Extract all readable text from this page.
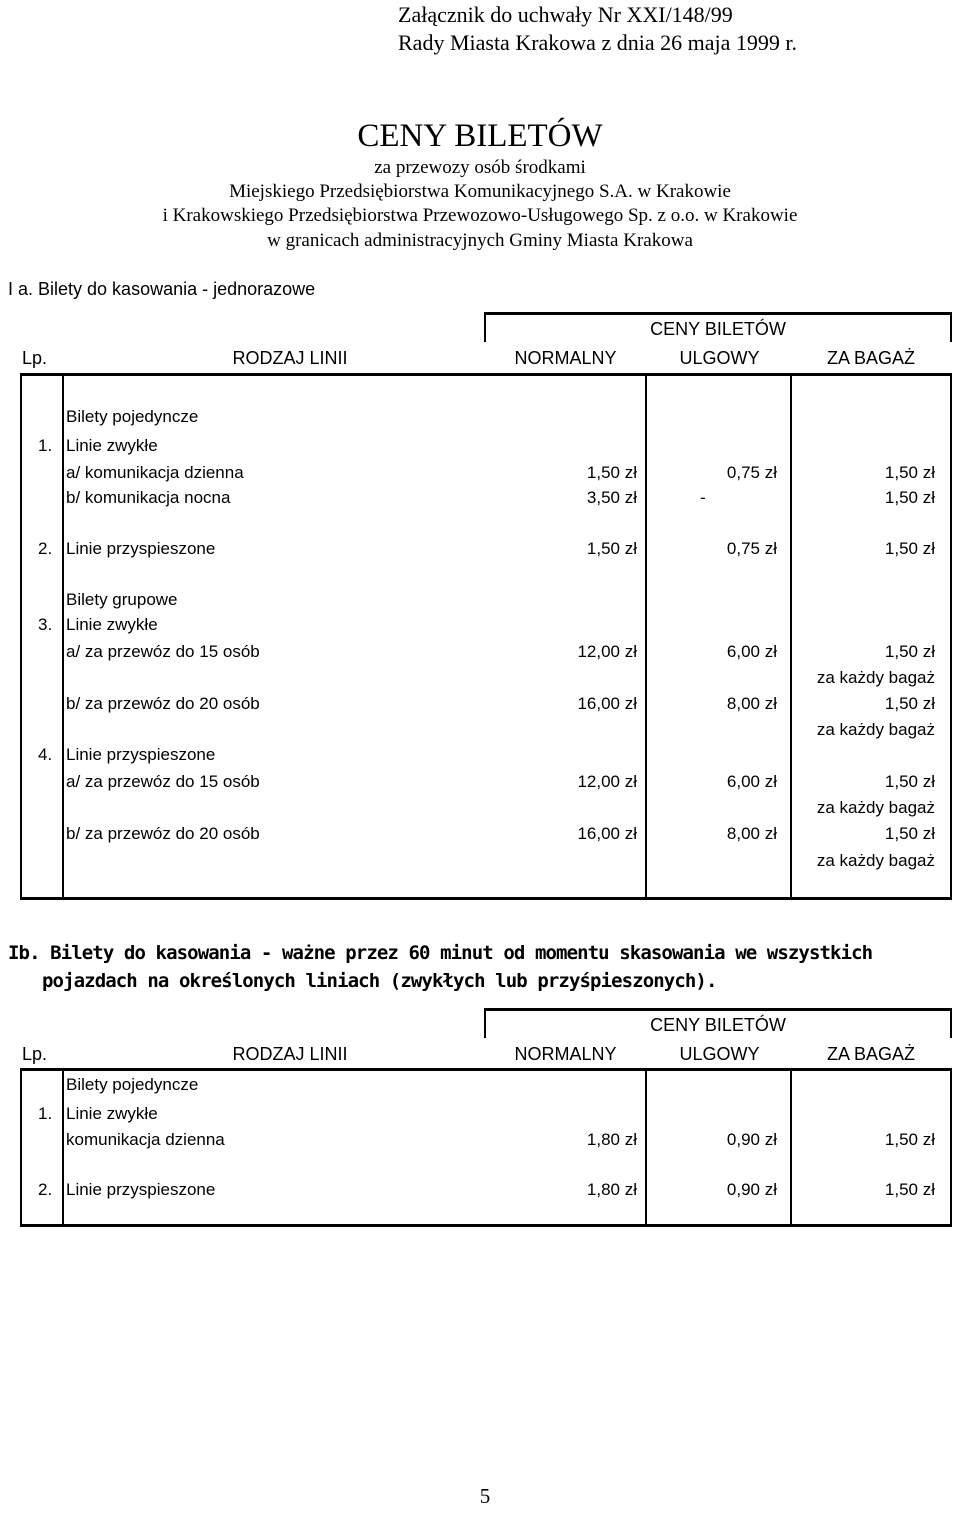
Załącznik do uchwały Nr XXI/148/99
Rady Miasta Krakowa z dnia 26 maja 1999 r.
CENY BILETÓW
za przewozy osób środkami
Miejskiego Przedsiębiorstwa Komunikacyjnego S.A. w Krakowie
i Krakowskiego Przedsiębiorstwa Przewozowo-Usługowego Sp. z o.o. w Krakowie
w granicach administracyjnych Gminy Miasta Krakowa
I a. Bilety do kasowania - jednorazowe
CENY BILETÓW
Lp.	RODZAJ LINII	NORMALNY	ULGOWY	ZA BAGAŻ
Bilety pojedyncze
1. Linie zwykłe
a/ komunikacja dzienna	1,50 zł	0,75 zł	1,50 zł
b/ komunikacja nocna	3,50 zł	-	1,50 zł
2. Linie przyspieszone	1,50 zł	0,75 zł	1,50 zł
Bilety grupowe
3. Linie zwykłe
a/ za przewóz do 15 osób	12,00 zł	6,00 zł	1,50 zł
za każdy bagaż
b/ za przewóz do 20 osób	16,00 zł	8,00 zł	1,50 zł
za każdy bagaż
4. Linie przyspieszone
a/ za przewóz do 15 osób	12,00 zł	6,00 zł	1,50 zł
za każdy bagaż
b/ za przewóz do 20 osób	16,00 zł	8,00 zł	1,50 zł
za każdy bagaż
Ib. Bilety do kasowania - ważne przez 60 minut od momentu skasowania we wszystkich
pojazdach na określonych liniach (zwykłych lub przyśpieszonych).
CENY BILETÓW
Lp.	RODZAJ LINII	NORMALNY	ULGOWY	ZA BAGAŻ
Bilety pojedyncze
1. Linie zwykłe
komunikacja dzienna	1,80 zł	0,90 zł	1,50 zł
2. Linie przyspieszone	1,80 zł	0,90 zł	1,50 zł
5
